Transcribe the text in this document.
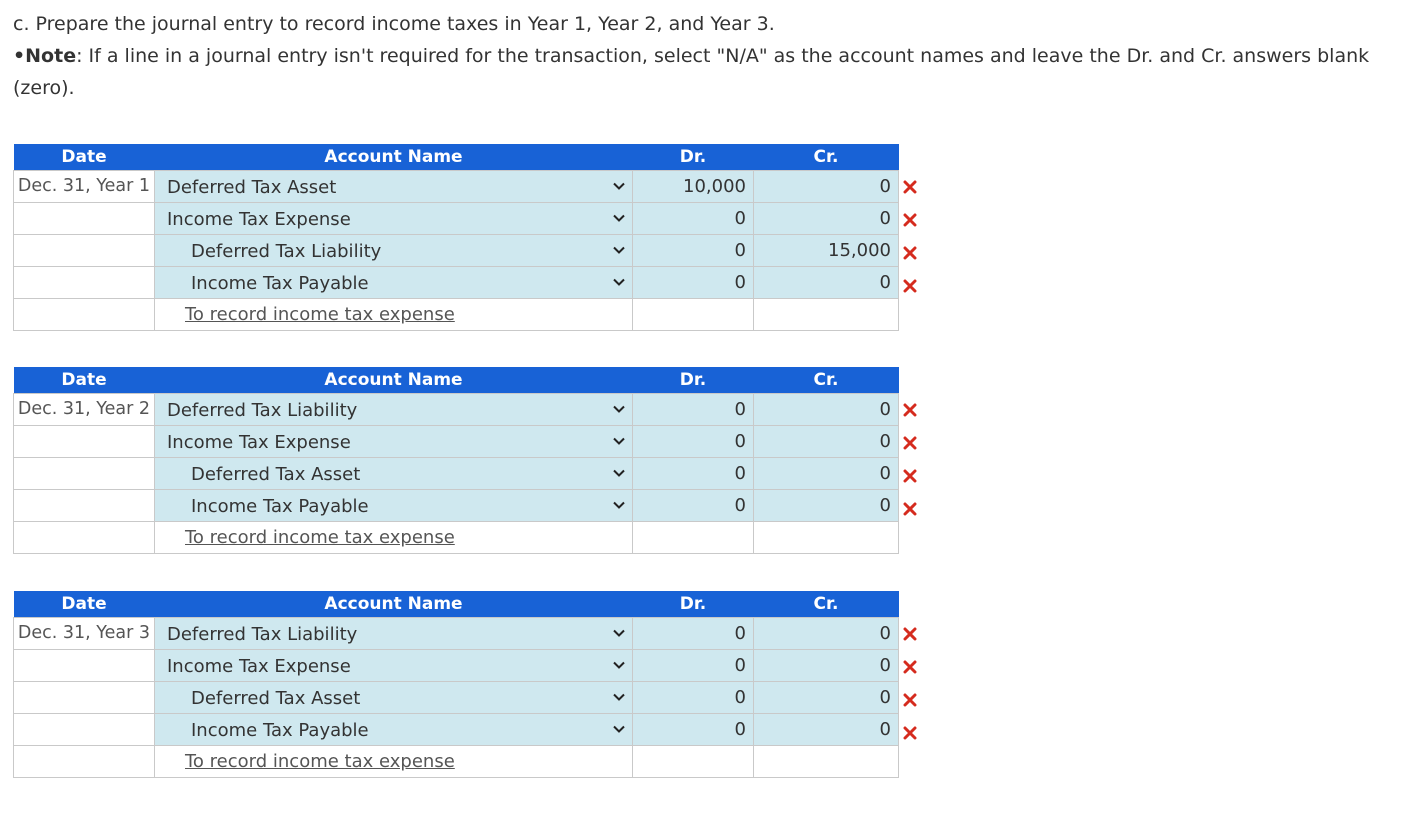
c. Prepare the journal entry to record income taxes in Year 1, Year 2, and Year 3.

•Note: If a line in a journal entry isn't required for the transaction, select "N/A" as the account names and leave the Dr. and Cr. answers blank (zero).

Date	Account Name	Dr.	Cr.
Dec. 31, Year 1	Deferred Tax Asset	10,000	0

	Income Tax Expense	0	0

	Deferred Tax Liability	0	15,000

	Income Tax Payable	0	0
	To record income tax expense		
Date	Account Name	Dr.	Cr.
Dec. 31, Year 2	Deferred Tax Liability	0	0

	Income Tax Expense	0	0

	Deferred Tax Asset	0	0

	Income Tax Payable	0	0
	To record income tax expense		
Date	Account Name	Dr.	Cr.
Dec. 31, Year 3	Deferred Tax Liability	0	0

	Income Tax Expense	0	0

	Deferred Tax Asset	0	0

	Income Tax Payable	0	0
	To record income tax expense		
